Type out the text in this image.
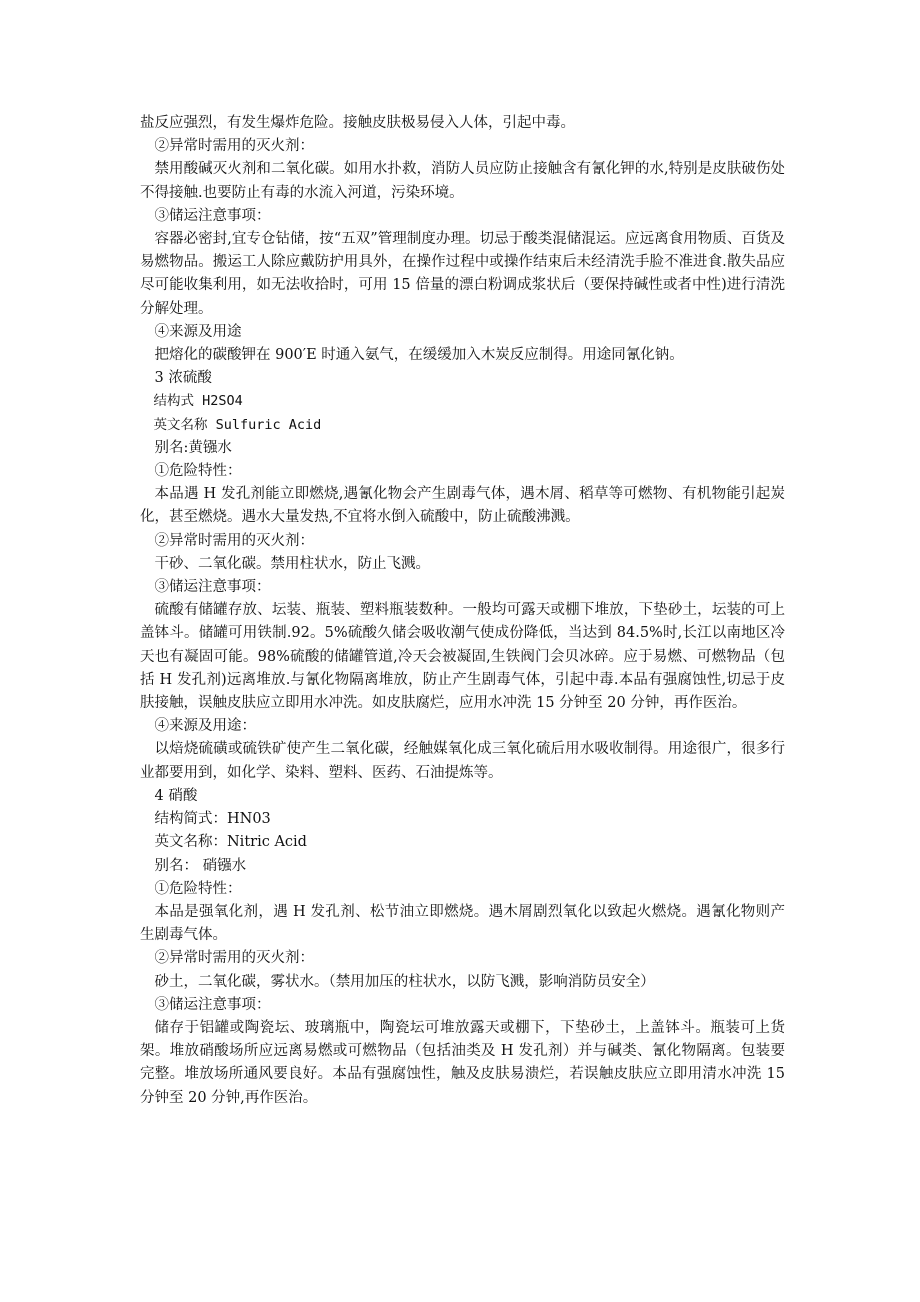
盐反应强烈，有发生爆炸危险。接触皮肤极易侵入人体，引起中毒。

②异常时需用的灭火剂：

禁用酸碱灭火剂和二氧化碳。如用水扑救，消防人员应防止接触含有氰化钾的水,特别是皮肤破伤处不得接触.也要防止有毒的水流入河道，污染环境。

③储运注意事项：

容器必密封,宜专仓钻储，按“五双”管理制度办理。切忌于酸类混储混运。应远离食用物质、百货及易燃物品。搬运工人除应戴防护用具外，在操作过程中或操作结束后未经清洗手脸不准进食.散失品应尽可能收集利用，如无法收拾时，可用 15 倍量的漂白粉调成浆状后（要保持碱性或者中性)进行清洗分解处理。

④来源及用途

把熔化的碳酸钾在 900′E 时通入氨气，在缓缓加入木炭反应制得。用途同氰化钠。

3 浓硫酸

结构式 H2SO4

英文名称 Sulfuric Acid

别名:黄镪水

①危险特性：

本品遇 H 发孔剂能立即燃烧,遇氰化物会产生剧毒气体，遇木屑、稻草等可燃物、有机物能引起炭化，甚至燃烧。遇水大量发热,不宜将水倒入硫酸中，防止硫酸沸溅。

②异常时需用的灭火剂：

干砂、二氧化碳。禁用柱状水，防止飞溅。

③储运注意事项：

硫酸有储罐存放、坛装、瓶装、塑料瓶装数种。一般均可露天或棚下堆放，下垫砂土，坛装的可上盖钵斗。储罐可用铁制.92。5%硫酸久储会吸收潮气使成份降低，当达到 84.5%时,长江以南地区冷天也有凝固可能。98%硫酸的储罐管道,冷天会被凝固,生铁阀门会贝冰碎。应于易燃、可燃物品（包括 H 发孔剂)远离堆放.与氰化物隔离堆放，防止产生剧毒气体，引起中毒.本品有强腐蚀性,切忌于皮肤接触，误触皮肤应立即用水冲洗。如皮肤腐烂，应用水冲洗 15 分钟至 20 分钟，再作医治。

④来源及用途：

以焙烧硫磺或硫铁矿使产生二氧化碳，经触媒氧化成三氧化硫后用水吸收制得。用途很广，很多行业都要用到，如化学、染料、塑料、医药、石油提炼等。

4 硝酸

结构简式：HN03

英文名称：Nitric Acid

别名： 硝镪水

①危险特性：

本品是强氧化剂，遇 H 发孔剂、松节油立即燃烧。遇木屑剧烈氧化以致起火燃烧。遇氰化物则产生剧毒气体。

②异常时需用的灭火剂：

砂土，二氧化碳，雾状水。（禁用加压的柱状水，以防飞溅，影响消防员安全）

③储运注意事项：

储存于铝罐或陶瓷坛、玻璃瓶中，陶瓷坛可堆放露天或棚下，下垫砂土，上盖钵斗。瓶装可上货架。堆放硝酸场所应远离易燃或可燃物品（包括油类及 H 发孔剂）并与碱类、氰化物隔离。包装要完整。堆放场所通风要良好。本品有强腐蚀性，触及皮肤易溃烂，若误触皮肤应立即用清水冲洗 15 分钟至 20 分钟,再作医治。
